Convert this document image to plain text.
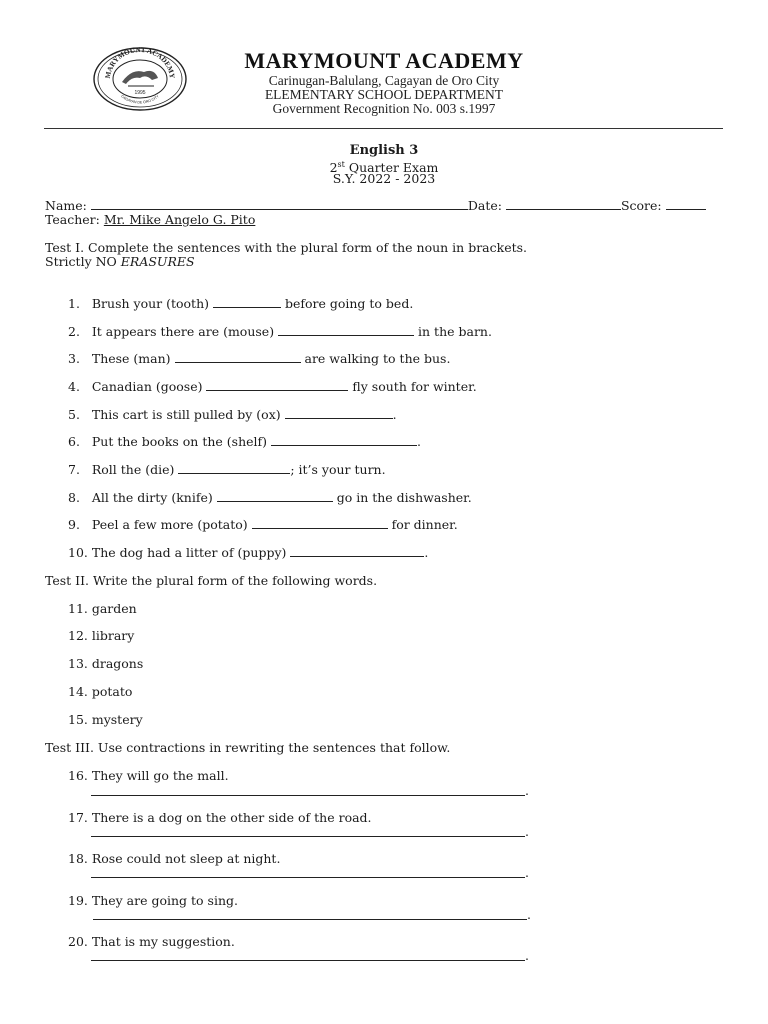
MARYMOUNT ACADEMY
CAGAYAN DE ORO CITY
1995
MARYMOUNT ACADEMY
Carinugan-Balulang, Cagayan de Oro City
ELEMENTARY SCHOOL DEPARTMENT
Government Recognition No. 003 s.1997
English 3
2st Quarter Exam
S.Y. 2022 - 2023
Name:	Date:	Score:
Teacher: Mr. Mike Angelo G. Pito
Test I. Complete the sentences with the plural form of the noun in brackets.
Strictly NO ERASURES
1. Brush your (tooth)	before going to bed.
2. It appears there are (mouse)	in the barn.
3. These (man)	are walking to the bus.
4. Canadian (goose)	fly south for winter.
5. This cart is still pulled by (ox)	.
6. Put the books on the (shelf)	.
7. Roll the (die)	; it’s your turn.
8. All the dirty (knife)	go in the dishwasher.
9. Peel a few more (potato)	for dinner.
10. The dog had a litter of (puppy)	.
Test II. Write the plural form of the following words.
11. garden
12. library
13. dragons
14. potato
15. mystery
Test III. Use contractions in rewriting the sentences that follow.
16. They will go the mall.
.
17. There is a dog on the other side of the road.
.
18. Rose could not sleep at night.
.
19. They are going to sing.
.
20. That is my suggestion.
.
